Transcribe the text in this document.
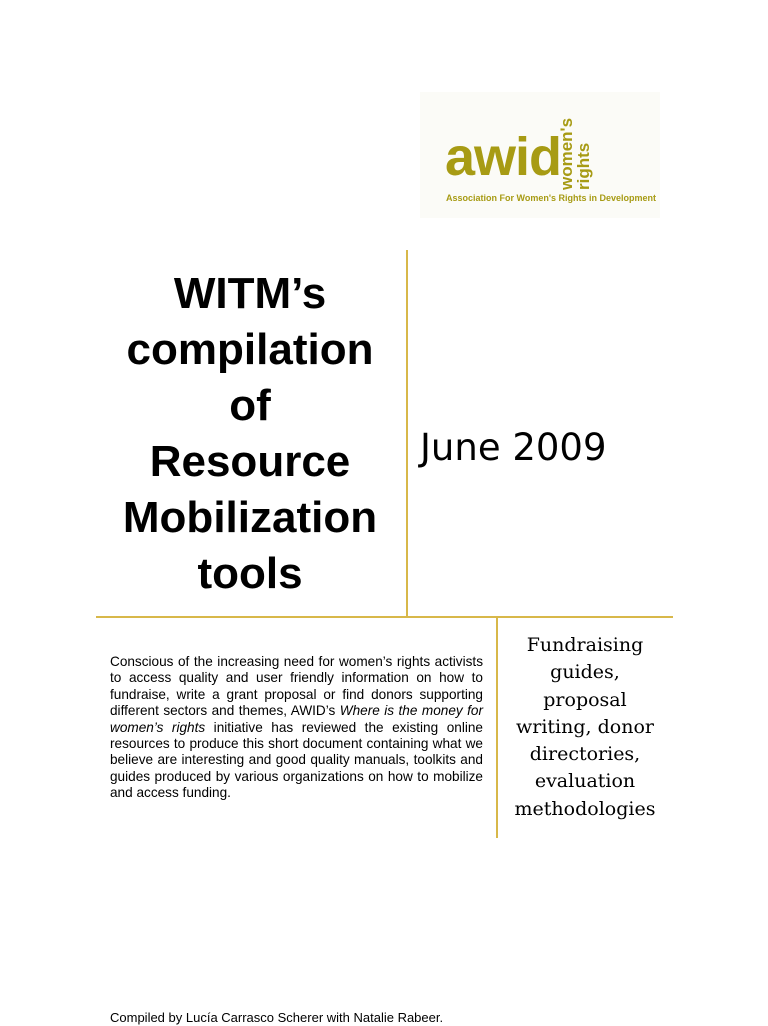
awid
women's
rights
Association For Women's Rights in Development
WITM’s
compilation
of
Resource
Mobilization
tools
June 2009
Conscious of the increasing need for women’s rights activists to access quality and user friendly information on how to fundraise, write a grant proposal or find donors supporting different sectors and themes, AWID’s Where is the money for women’s rights initiative has reviewed the existing online resources to produce this short document containing what we believe are interesting and good quality manuals, toolkits and guides produced by various organizations on how to mobilize and access funding.
Fundraising
guides,
proposal
writing, donor
directories,
evaluation
methodologies
Compiled by Lucía Carrasco Scherer with Natalie Rabeer.
